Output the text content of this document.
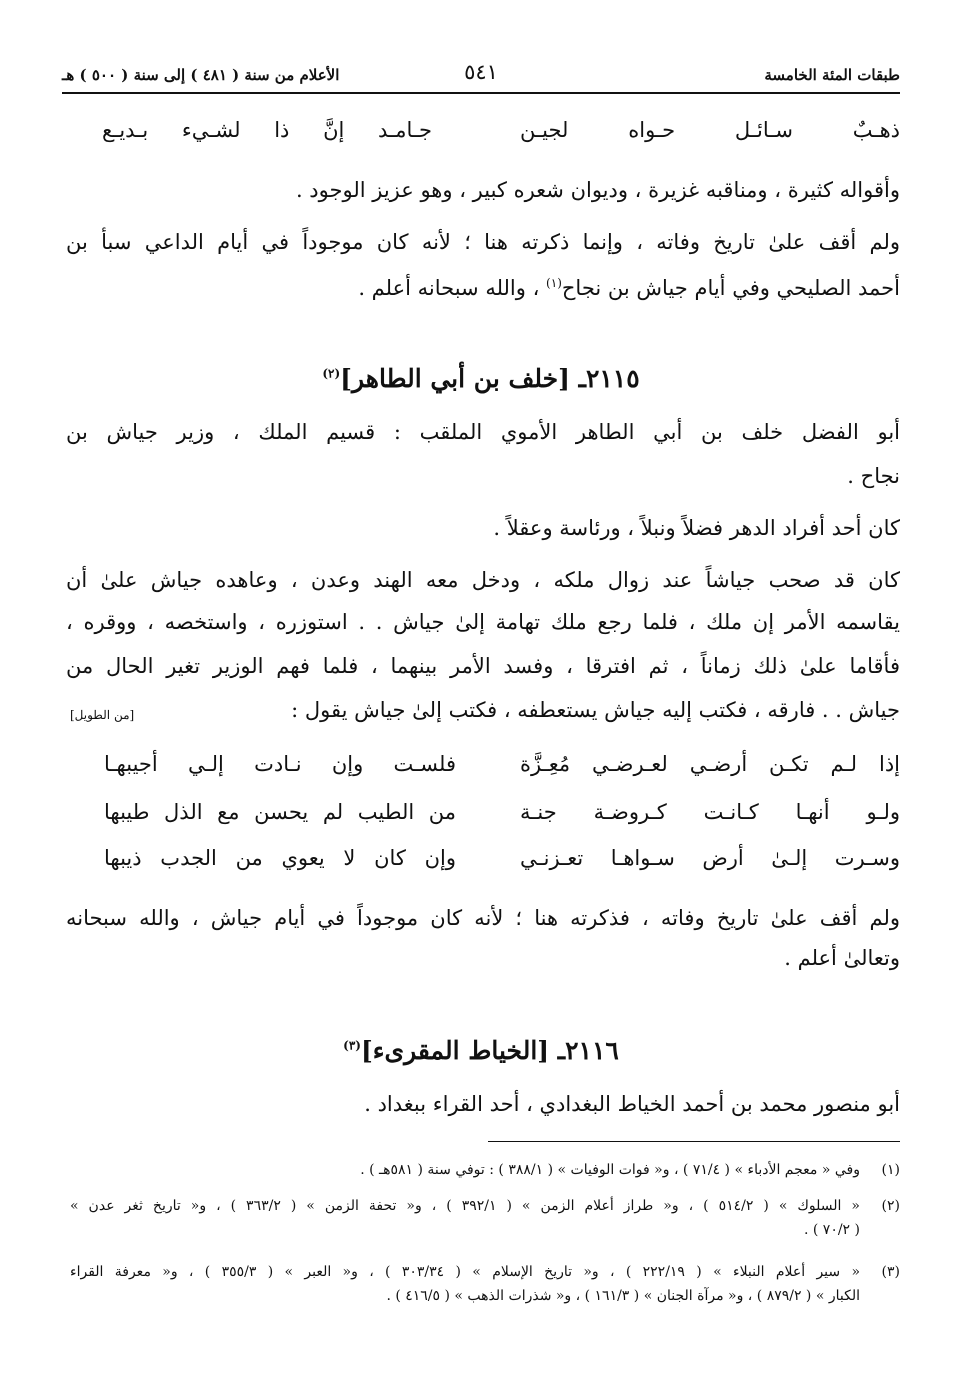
طبقات المئة الخامسة
٥٤١
الأعلام من سنة ( ٤٨١ ) إلى سنة ( ٥٠٠ ) هـ
ذهـبٌ سـائـل حـواه لجيـن
جـامـد إنَّ ذا لشـيء بـديـع
وأقواله كثيرة ، ومناقبه غزيرة ، وديوان شعره كبير ، وهو عزيز الوجود .
ولم أقف علىٰ تاريخ وفاته ، وإنما ذكرته هنا ؛ لأنه كان موجوداً في أيام الداعي سبأ بن
أحمد الصليحي وفي أيام جياش بن نجاح$^{(١)}$ ، والله سبحانه أعلم .
٢١١٥ـ [خلف بن أبي الطاهر]$^{(٢)}$
أبو الفضل خلف بن أبي الطاهر الأموي الملقب : قسيم الملك ، وزير جياش بن
نجاح .
كان أحد أفراد الدهر فضلاً ونبلاً ، ورئاسة وعقلاً .
كان قد صحب جياشاً عند زوال ملكه ، ودخل معه الهند وعدن ، وعاهده جياش علىٰ أن
يقاسمه الأمر إن ملك ، فلما رجع ملك تهامة إلىٰ جياش . . استوزره ، واستخصه ، ووقره ،
فأقاما علىٰ ذلك زماناً ، ثم افترقا ، وفسد الأمر بينهما ، فلما فهم الوزير تغير الحال من
جياش . . فارقه ، فكتب إليه جياش يستعطفه ، فكتب إلىٰ جياش يقول :
[من الطويل]
إذا لـم تكـن أرضـي لعـرضـي مُعِـزَّة
فلسـت وإن نـادت إلـي أجيبهـا
ولـو أنهـا كـانـت كـروضـة جنـة
من الطيب لم يحسن مع الذل طيبها
وسـرت إلـىٰ أرض سـواهـا تعـزنـي
وإن كان لا يعوي من الجدب ذيبها
ولم أقف علىٰ تاريخ وفاته ، فذكرته هنا ؛ لأنه كان موجوداً في أيام جياش ، والله سبحانه
وتعالىٰ أعلم .
٢١١٦ـ [الخياط المقرىء]$^{(٣)}$
أبو منصور محمد بن أحمد الخياط البغدادي ، أحد القراء ببغداد .
(١)
وفي « معجم الأدباء » ( ٧١/٤ ) ، و« فوات الوفيات » ( ٣٨٨/١ ) : توفي سنة ( ٥٨١هـ ) .
(٢)
« السلوك » ( ٥١٤/٢ ) ، و« طراز أعلام الزمن » ( ٣٩٢/١ ) ، و« تحفة الزمن » ( ٣٦٣/٢ ) ، و« تاريخ ثغر عدن »
( ٧٠/٢ ) .
(٣)
« سير أعلام النبلاء » ( ٢٢٢/١٩ ) ، و« تاريخ الإسلام » ( ٣٠٣/٣٤ ) ، و« العبر » ( ٣٥٥/٣ ) ، و« معرفة القراء
الكبار » ( ٨٧٩/٢ ) ، و« مرآة الجنان » ( ١٦١/٣ ) ، و« شذرات الذهب » ( ٤١٦/٥ ) .
